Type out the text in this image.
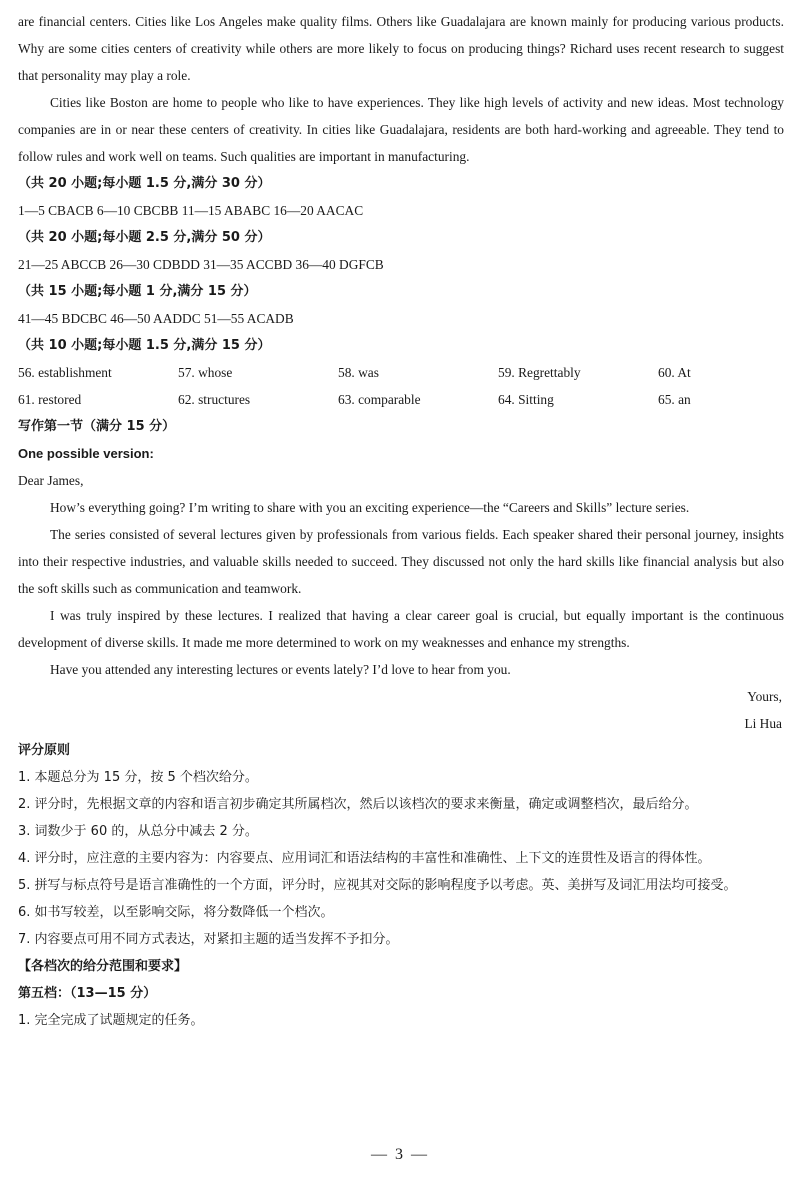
are financial centers. Cities like Los Angeles make quality films. Others like Guadalajara are known mainly for producing various products. Why are some cities centers of creativity while others are more likely to focus on producing things? Richard uses recent research to suggest that personality may play a role.

Cities like Boston are home to people who like to have experiences. They like high levels of activity and new ideas. Most technology companies are in or near these centers of creativity. In cities like Guadalajara, residents are both hard-working and agreeable. They tend to follow rules and work well on teams. Such qualities are important in manufacturing.

（共 20 小题;每小题 1.5 分,满分 30 分）

1—5 CBACB 6—10 CBCBB 11—15 ABABC 16—20 AACAC

（共 20 小题;每小题 2.5 分,满分 50 分）

21—25 ABCCB 26—30 CDBDD 31—35 ACCBD 36—40 DGFCB

（共 15 小题;每小题 1 分,满分 15 分）

41—45 BDCBC 46—50 AADDC 51—55 ACADB

（共 10 小题;每小题 1.5 分,满分 15 分）

56. establishment	57. whose	58. was	59. Regrettably	60. At
61. restored	62. structures	63. comparable	64. Sitting	65. an

写作第一节（满分 15 分）

One possible version:

Dear James,

How’s everything going? I’m writing to share with you an exciting experience—the “Careers and Skills” lecture series.

The series consisted of several lectures given by professionals from various fields. Each speaker shared their personal journey, insights into their respective industries, and valuable skills needed to succeed. They discussed not only the hard skills like financial analysis but also the soft skills such as communication and teamwork.

I was truly inspired by these lectures. I realized that having a clear career goal is crucial, but equally important is the continuous development of diverse skills. It made me more determined to work on my weaknesses and enhance my strengths.

Have you attended any interesting lectures or events lately? I’d love to hear from you.

Yours,

Li Hua

评分原则

1. 本题总分为 15 分，按 5 个档次给分。

2. 评分时，先根据文章的内容和语言初步确定其所属档次，然后以该档次的要求来衡量，确定或调整档次，最后给分。

3. 词数少于 60 的，从总分中减去 2 分。

4. 评分时，应注意的主要内容为：内容要点、应用词汇和语法结构的丰富性和准确性、上下文的连贯性及语言的得体性。

5. 拼写与标点符号是语言准确性的一个方面，评分时，应视其对交际的影响程度予以考虑。英、美拼写及词汇用法均可接受。

6. 如书写较差，以至影响交际，将分数降低一个档次。

7. 内容要点可用不同方式表达，对紧扣主题的适当发挥不予扣分。

【各档次的给分范围和要求】

第五档：（13—15 分）

1. 完全完成了试题规定的任务。

— 3 —
